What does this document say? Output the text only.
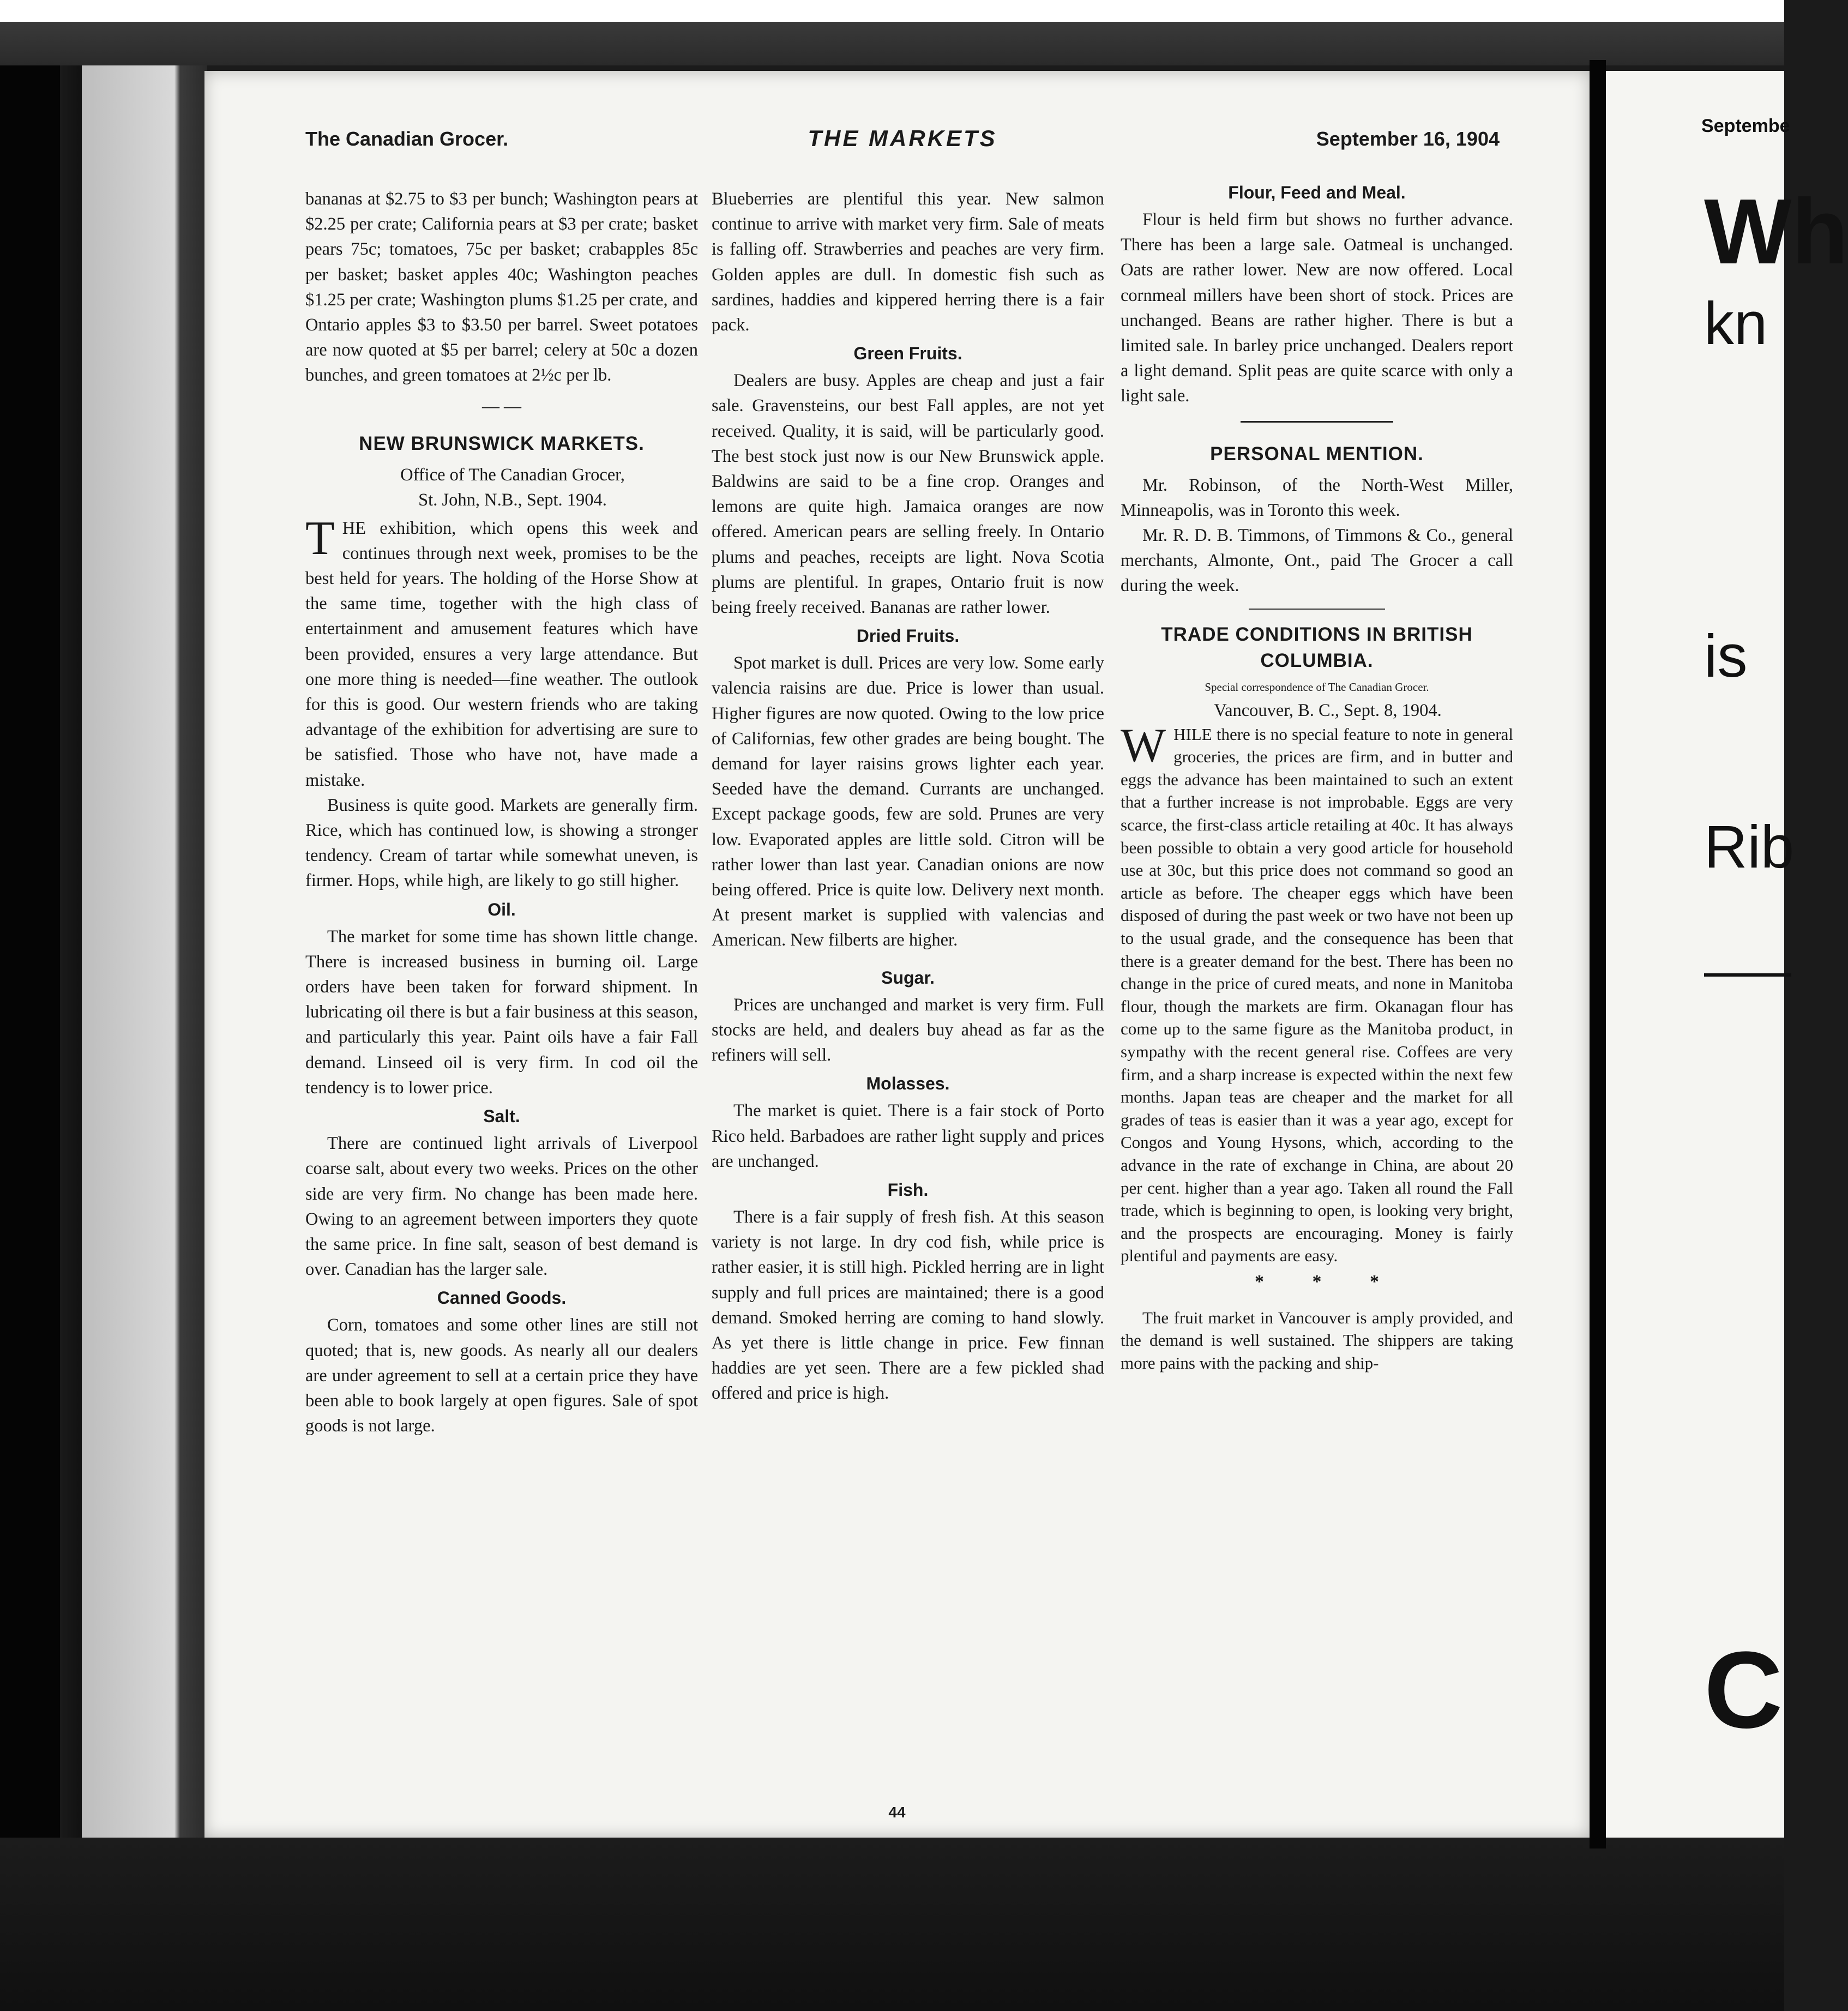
The Canadian Grocer.	THE MARKETS	September 16, 1904

bananas at $2.75 to $3 per bunch; Washington pears at $2.25 per crate; California pears at $3 per crate; basket pears 75c; tomatoes, 75c per basket; crabapples 85c per basket; basket apples 40c; Washington peaches $1.25 per crate; Washington plums $1.25 per crate, and Ontario apples $3 to $3.50 per barrel. Sweet potatoes are now quoted at $5 per barrel; celery at 50c a dozen bunches, and green tomatoes at 2½c per lb.

— —
NEW BRUNSWICK MARKETS.

Office of The Canadian Grocer,

St. John, N.B., Sept. 1904.

THE exhibition, which opens this week and continues through next week, promises to be the best held for years. The holding of the Horse Show at the same time, together with the high class of entertainment and amusement features which have been provided, ensures a very large attendance. But one more thing is needed—fine weather. The outlook for this is good. Our western friends who are taking advantage of the exhibition for advertising are sure to be satisfied. Those who have not, have made a mistake.

Business is quite good. Markets are generally firm. Rice, which has continued low, is showing a stronger tendency. Cream of tartar while somewhat uneven, is firmer. Hops, while high, are likely to go still higher.

Oil.

The market for some time has shown little change. There is increased business in burning oil. Large orders have been taken for forward shipment. In lubricating oil there is but a fair business at this season, and particularly this year. Paint oils have a fair Fall demand. Linseed oil is very firm. In cod oil the tendency is to lower price.

Salt.

There are continued light arrivals of Liverpool coarse salt, about every two weeks. Prices on the other side are very firm. No change has been made here. Owing to an agreement between importers they quote the same price. In fine salt, season of best demand is over. Canadian has the larger sale.

Canned Goods.

Corn, tomatoes and some other lines are still not quoted; that is, new goods. As nearly all our dealers are under agreement to sell at a certain price they have been able to book largely at open figures. Sale of spot goods is not large.

Blueberries are plentiful this year. New salmon continue to arrive with market very firm. Sale of meats is falling off. Strawberries and peaches are very firm. Golden apples are dull. In domestic fish such as sardines, haddies and kippered herring there is a fair pack.

Green Fruits.

Dealers are busy. Apples are cheap and just a fair sale. Gravensteins, our best Fall apples, are not yet received. Quality, it is said, will be particularly good. The best stock just now is our New Brunswick apple. Baldwins are said to be a fine crop. Oranges and lemons are quite high. Jamaica oranges are now offered. American pears are selling freely. In Ontario plums and peaches, receipts are light. Nova Scotia plums are plentiful. In grapes, Ontario fruit is now being freely received. Bananas are rather lower.

Dried Fruits.

Spot market is dull. Prices are very low. Some early valencia raisins are due. Price is lower than usual. Higher figures are now quoted. Owing to the low price of Californias, few other grades are being bought. The demand for layer raisins grows lighter each year. Seeded have the demand. Currants are unchanged. Except package goods, few are sold. Prunes are very low. Evaporated apples are little sold. Citron will be rather lower than last year. Canadian onions are now being offered. Price is quite low. Delivery next month. At present market is supplied with valencias and American. New filberts are higher.

Sugar.

Prices are unchanged and market is very firm. Full stocks are held, and dealers buy ahead as far as the refiners will sell.

Molasses.

The market is quiet. There is a fair stock of Porto Rico held. Barbadoes are rather light supply and prices are unchanged.

Fish.

There is a fair supply of fresh fish. At this season variety is not large. In dry cod fish, while price is rather easier, it is still high. Pickled herring are in light supply and full prices are maintained; there is a good demand. Smoked herring are coming to hand slowly. As yet there is little change in price. Few finnan haddies are yet seen. There are a few pickled shad offered and price is high.

Flour, Feed and Meal.

Flour is held firm but shows no further advance. There has been a large sale. Oatmeal is unchanged. Oats are rather lower. New are now offered. Local cornmeal millers have been short of stock. Prices are unchanged. Beans are rather higher. There is but a limited sale. In barley price unchanged. Dealers report a light demand. Split peas are quite scarce with only a light sale.

PERSONAL MENTION.

Mr. Robinson, of the North-West Miller, Minneapolis, was in Toronto this week.

Mr. R. D. B. Timmons, of Timmons & Co., general merchants, Almonte, Ont., paid The Grocer a call during the week.

TRADE CONDITIONS IN BRITISH COLUMBIA.
Special correspondence of The Canadian Grocer.

Vancouver, B. C., Sept. 8, 1904.

WHILE there is no special feature to note in general groceries, the prices are firm, and in butter and eggs the advance has been maintained to such an extent that a further increase is not improbable. Eggs are very scarce, the first-class article retailing at 40c. It has always been possible to obtain a very good article for household use at 30c, but this price does not command so good an article as before. The cheaper eggs which have been disposed of during the past week or two have not been up to the usual grade, and the consequence has been that there is a greater demand for the best. There has been no change in the price of cured meats, and none in Manitoba flour, though the markets are firm. Okanagan flour has come up to the same figure as the Manitoba product, in sympathy with the recent general rise. Coffees are very firm, and a sharp increase is expected within the next few months. Japan teas are cheaper and the market for all grades of teas is easier than it was a year ago, except for Congos and Young Hysons, which, according to the advance in the rate of exchange in China, are about 20 per cent. higher than a year ago. Taken all round the Fall trade, which is beginning to open, is looking very bright, and the prospects are encouraging. Money is fairly plentiful and payments are easy.

* * *

The fruit market in Vancouver is amply provided, and the demand is well sustained. The shippers are taking more pains with the packing and ship-

44
Septembe
Wh
kn
is
Rib
C
